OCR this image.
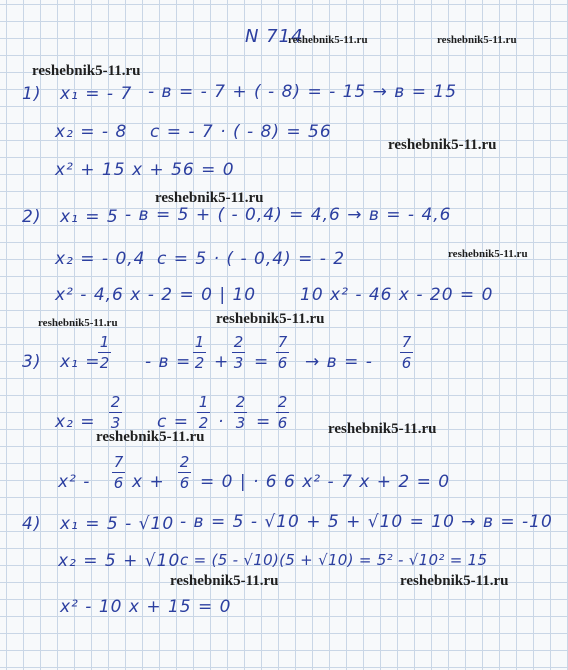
N 714
reshebnik5-11.ru	reshebnik5-11.ru
reshebnik5-11.ru
reshebnik5-11.ru
reshebnik5-11.ru
reshebnik5-11.ru
reshebnik5-11.ru	reshebnik5-11.ru
reshebnik5-11.ru	reshebnik5-11.ru
reshebnik5-11.ru	reshebnik5-11.ru
1) x₁ = - 7 - в = - 7 + ( - 8) = - 15 → в = 15
x₂ = - 8 c = - 7 · ( - 8) = 56
x² + 15 x + 56 = 0
2) x₁ = 5 - в = 5 + ( - 0,4) = 4,6 → в = - 4,6
x₂ = - 0,4 c = 5 · ( - 0,4) = - 2
x² - 4,6 x - 2 = 0 | 10	10 x² - 46 x - 20 = 0
3) x₁ =
1
2 - в =
1
2 +
2
3 =
7
6 → в = -
7
6
x₂ =
2
3 c =
1
2 ·
2
3 =
2
6
x² -
7
6 x +
2
6 = 0 | · 6 6 x² - 7 x + 2 = 0
4) x₁ = 5 - √10 - в = 5 - √10 + 5 + √10 = 10 → в = -10
x₂ = 5 + √10 c = (5 - √10)(5 + √10) = 5² - √10² = 15
x² - 10 x + 15 = 0
